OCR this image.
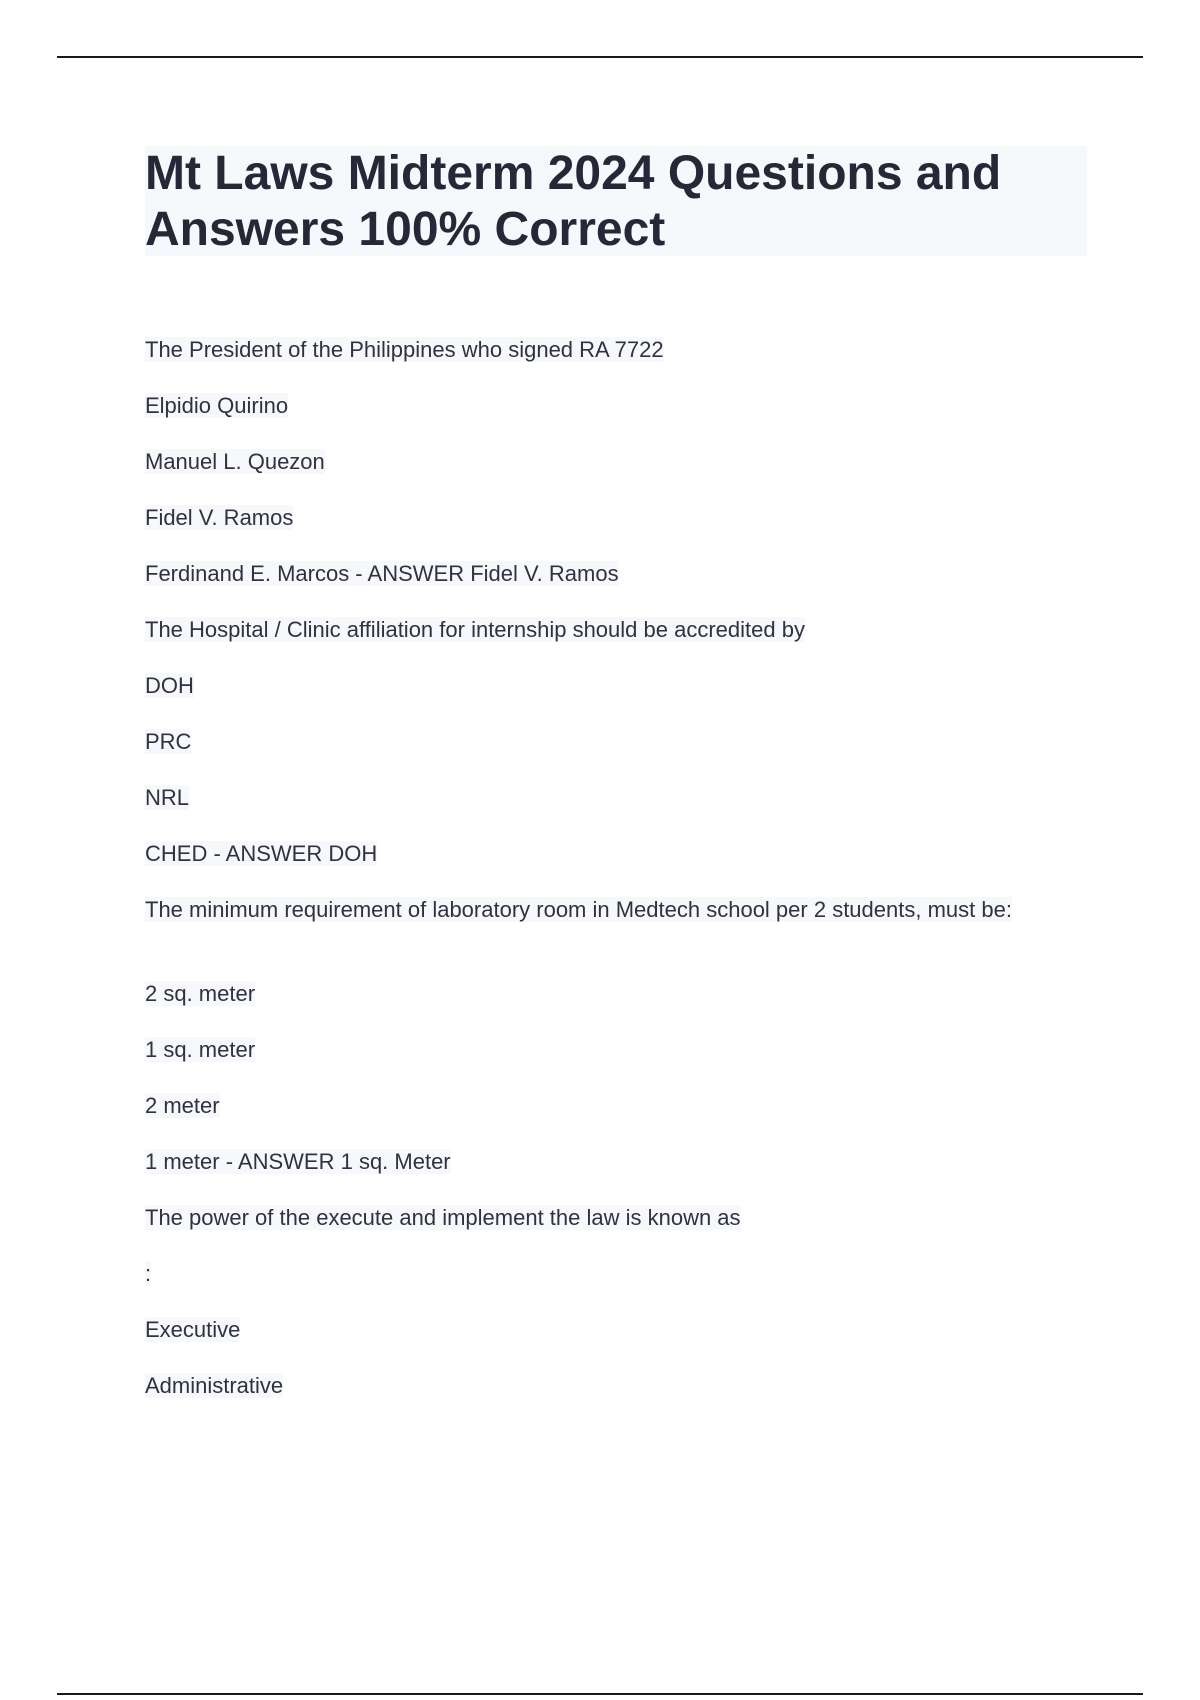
Mt Laws Midterm 2024 Questions and Answers 100% Correct

The President of the Philippines who signed RA 7722

Elpidio Quirino

Manuel L. Quezon

Fidel V. Ramos

Ferdinand E. Marcos - ANSWER Fidel V. Ramos

The Hospital / Clinic affiliation for internship should be accredited by

DOH

PRC

NRL

CHED - ANSWER DOH

The minimum requirement of laboratory room in Medtech school per 2 students, must be:

2 sq. meter

1 sq. meter

2 meter

1 meter - ANSWER 1 sq. Meter

The power of the execute and implement the law is known as

:

Executive

Administrative
